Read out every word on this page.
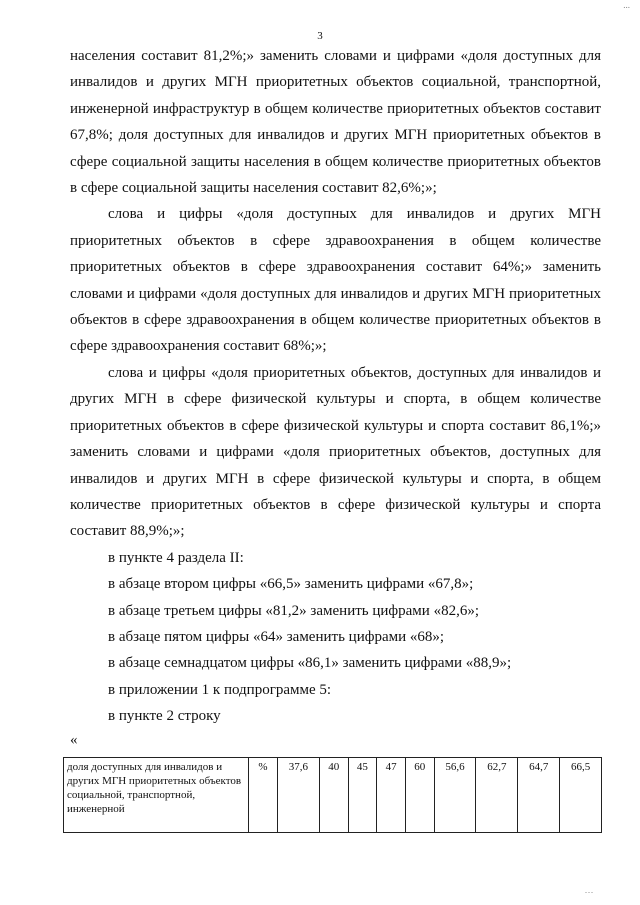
...
3

населения составит 81,2%;» заменить словами и цифрами «доля доступных для инвалидов и других МГН приоритетных объектов социальной, транспортной, инженерной инфраструктур в общем количестве приоритетных объектов составит 67,8%; доля доступных для инвалидов и других МГН приоритетных объектов в сфере социальной защиты населения в общем количестве приоритетных объектов в сфере социальной защиты населения составит 82,6%;»;

слова и цифры «доля доступных для инвалидов и других МГН приоритетных объектов в сфере здравоохранения в общем количестве приоритетных объектов в сфере здравоохранения составит 64%;» заменить словами и цифрами «доля доступных для инвалидов и других МГН приоритетных объектов в сфере здравоохранения в общем количестве приоритетных объектов в сфере здравоохранения составит 68%;»;

слова и цифры «доля приоритетных объектов, доступных для инвалидов и других МГН в сфере физической культуры и спорта, в общем количестве приоритетных объектов в сфере физической культуры и спорта составит 86,1%;» заменить словами и цифрами «доля приоритетных объектов, доступных для инвалидов и других МГН в сфере физической культуры и спорта, в общем количестве приоритетных объектов в сфере физической культуры и спорта составит 88,9%;»;

в пункте 4 раздела II:

в абзаце втором цифры «66,5» заменить цифрами «67,8»;

в абзаце третьем цифры «81,2» заменить цифрами «82,6»;

в абзаце пятом цифры «64» заменить цифрами «68»;

в абзаце семнадцатом цифры «86,1» заменить цифрами «88,9»;

в приложении 1 к подпрограмме 5:

в пункте 2 строку

«
доля доступных для инвалидов и других МГН приоритетных объектов социальной, транспортной, инженерной	%	37,6	40	45	47	60	56,6	62,7	64,7	66,5
...
